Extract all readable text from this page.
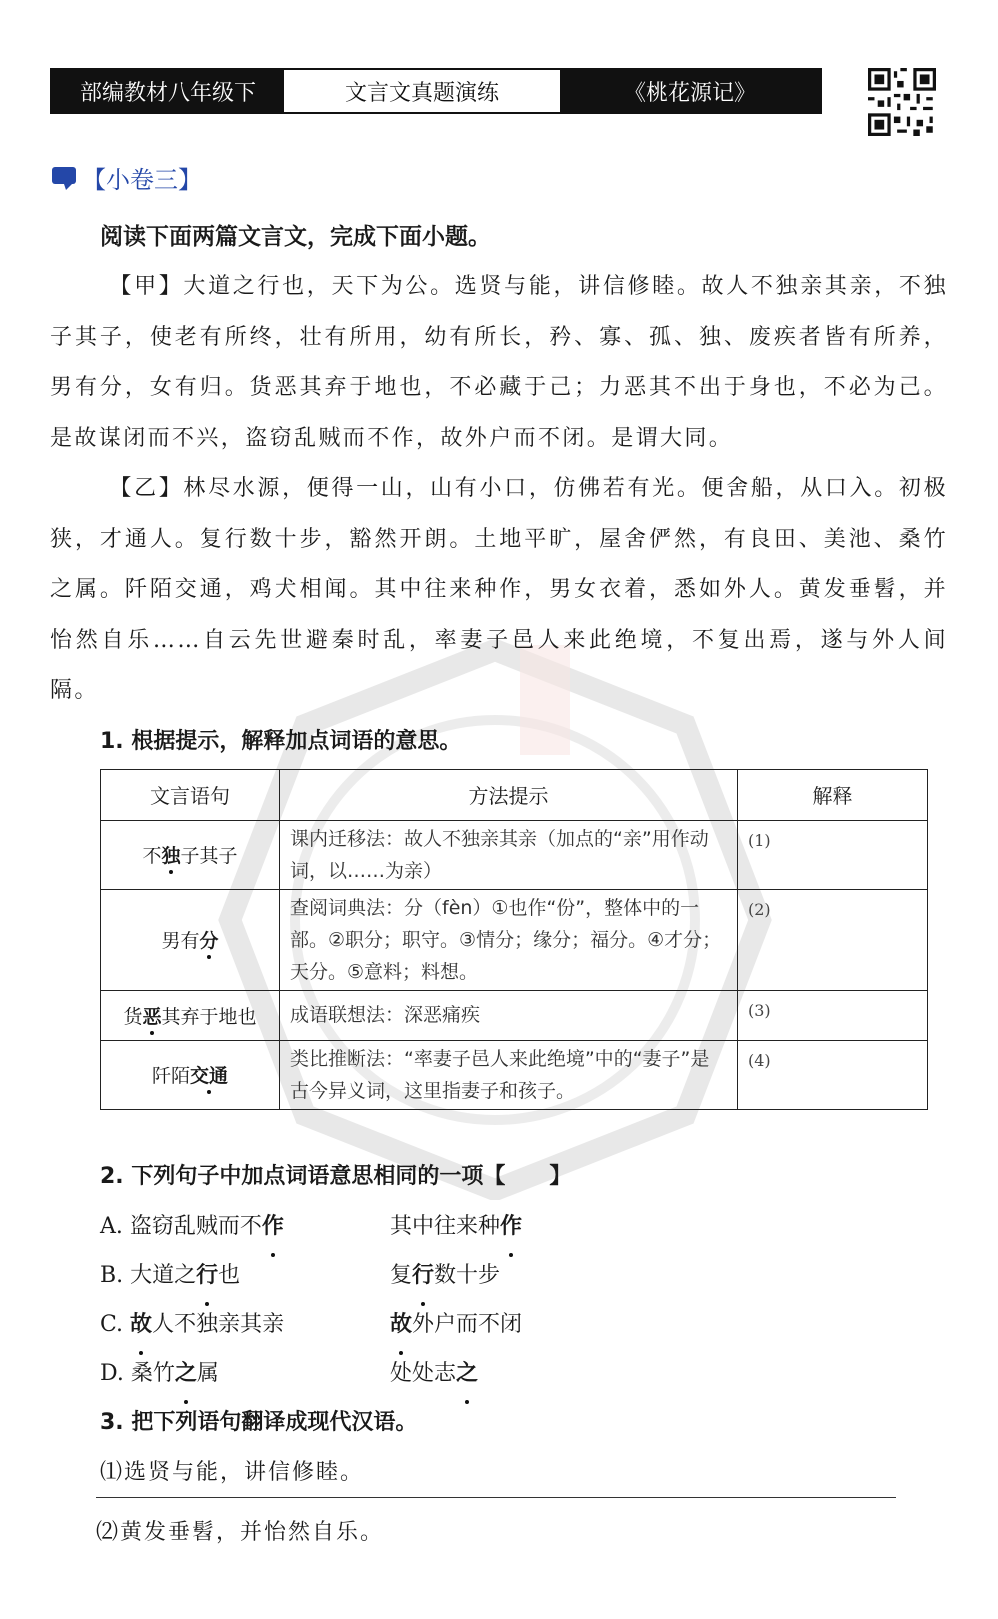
部编教材八年级下	文言文真题演练	《桃花源记》
【小卷三】
阅读下面两篇文言文，完成下面小题。

【甲】大道之行也，天下为公。选贤与能，讲信修睦。故人不独亲其亲，不独子其子，使老有所终，壮有所用，幼有所长，矜、寡、孤、独、废疾者皆有所养，男有分，女有归。货恶其弃于地也，不必藏于己；力恶其不出于身也，不必为己。是故谋闭而不兴，盗窃乱贼而不作，故外户而不闭。是谓大同。

【乙】林尽水源，便得一山，山有小口，仿佛若有光。便舍船，从口入。初极狭，才通人。复行数十步，豁然开朗。土地平旷，屋舍俨然，有良田、美池、桑竹之属。阡陌交通，鸡犬相闻。其中往来种作，男女衣着，悉如外人。黄发垂髫，并怡然自乐……自云先世避秦时乱，率妻子邑人来此绝境，不复出焉，遂与外人间隔。

1. 根据提示，解释加点词语的意思。
文言语句	方法提示	解释
不独子其子	课内迁移法：故人不独亲其亲（加点的“亲”用作动词，以……为亲）	(1)
男有分	查阅词典法：分（fèn）①也作“份”，整体中的一部。②职分；职守。③情分；缘分；福分。④才分；天分。⑤意料；料想。	(2)
货恶其弃于地也	成语联想法：深恶痛疾	(3)
阡陌交通	类比推断法：“率妻子邑人来此绝境”中的“妻子”是古今异义词，这里指妻子和孩子。	(4)
2. 下列句子中加点词语意思相同的一项【　　】
A. 盗窃乱贼而不作	其中往来种作
B. 大道之行也	复行数十步
C. 故人不独亲其亲	故外户而不闭
D. 桑竹之属	处处志之
3. 把下列语句翻译成现代汉语。
⑴选贤与能，讲信修睦。
⑵黄发垂髫，并怡然自乐。
